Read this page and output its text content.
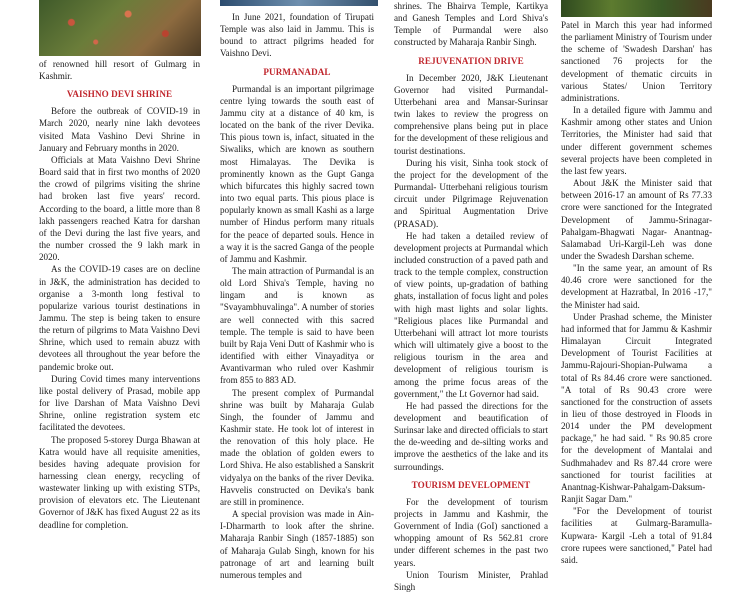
of renowned hill resort of Gulmarg in Kashmir.

VAISHNO DEVI SHRINE

Before the outbreak of COVID-19 in March 2020, nearly nine lakh devotees visited Mata Vashino Devi Shrine in January and February months in 2020.

Officials at Mata Vaishno Devi Shrine Board said that in first two months of 2020 the crowd of pilgrims visiting the shrine had broken last five years' record. According to the board, a little more than 8 lakh passengers reached Katra for darshan of the Devi during the last five years, and the number crossed the 9 lakh mark in 2020.

As the COVID-19 cases are on decline in J&K, the administration has decided to organise a 3-month long festival to popularize various tourist destinations in Jammu. The step is being taken to ensure the return of pilgrims to Mata Vaishno Devi Shrine, which used to remain abuzz with devotees all throughout the year before the pandemic broke out.

During Covid times many interventions like postal delivery of Prasad, mobile app for live Darshan of Mata Vaishno Devi Shrine, online registration system etc facilitated the devotees.

The proposed 5-storey Durga Bhawan at Katra would have all requisite amenities, besides having adequate provision for harnessing clean energy, recycling of wastewater linking up with existing STPs, provision of elevators etc. The Lieutenant Governor of J&K has fixed August 22 as its deadline for completion.

In June 2021, foundation of Tirupati Temple was also laid in Jammu. This is bound to attract pilgrims headed for Vaishno Devi.

PURMANADAL

Purmandal is an important pilgrimage centre lying towards the south east of Jammu city at a distance of 40 km, is located on the bank of the river Devika. This pious town is, infact, situated in the Siwaliks, which are known as southern most Himalayas. The Devika is prominently known as the Gupt Ganga which bifurcates this highly sacred town into two equal parts. This pious place is popularly known as small Kashi as a large number of Hindus perform many rituals for the peace of departed souls. Hence in a way it is the sacred Ganga of the people of Jammu and Kashmir.

The main attraction of Purmandal is an old Lord Shiva's Temple, having no lingam and is known as "Svayambhuvalinga". A number of stories are well connected with this sacred temple. The temple is said to have been built by Raja Veni Dutt of Kashmir who is identified with either Vinayaditya or Avantivarman who ruled over Kashmir from 855 to 883 AD.

The present complex of Purmandal shrine was built by Maharaja Gulab Singh, the founder of Jammu and Kashmir state. He took lot of interest in the renovation of this holy place. He made the oblation of golden ewers to Lord Shiva. He also established a Sanskrit vidyalya on the banks of the river Devika. Havvelis constructed on Devika's bank are still in prominence.

A special provision was made in Ain-I-Dharmarth to look after the shrine. Maharaja Ranbir Singh (1857-1885) son of Maharaja Gulab Singh, known for his patronage of art and learning built numerous temples and

shrines. The Bhairva Temple, Kartikya and Ganesh Temples and Lord Shiva's Temple of Purmandal were also constructed by Maharaja Ranbir Singh.

REJUVENATION DRIVE

In December 2020, J&K Lieutenant Governor had visited Purmandal-Utterbehani area and Mansar-Surinsar twin lakes to review the progress on comprehensive plans being put in place for the development of these religious and tourist destinations.

During his visit, Sinha took stock of the project for the development of the Purmandal- Utterbehani religious tourism circuit under Pilgrimage Rejuvenation and Spiritual Augmentation Drive (PRASAD).

He had taken a detailed review of development projects at Purmandal which included construction of a paved path and track to the temple complex, construction of view points, up-gradation of bathing ghats, installation of focus light and poles with high mast lights and solar lights. "Religious places like Purmandal and Utterbehani will attract lot more tourists which will ultimately give a boost to the religious tourism in the area and development of religious tourism is among the prime focus areas of the government," the Lt Governor had said.

He had passed the directions for the development and beautification of Surinsar lake and directed officials to start the de-weeding and de-silting works and improve the aesthetics of the lake and its surroundings.

TOURISM DEVELOPMENT

For the development of tourism projects in Jammu and Kashmir, the Government of India (GoI) sanctioned a whopping amount of Rs 562.81 crore under different schemes in the past two years.

Union Tourism Minister, Prahlad Singh

Patel in March this year had informed the parliament Ministry of Tourism under the scheme of 'Swadesh Darshan' has sanctioned 76 projects for the development of thematic circuits in various States/ Union Territory administrations.

In a detailed figure with Jammu and Kashmir among other states and Union Territories, the Minister had said that under different government schemes several projects have been completed in the last few years.

About J&K the Minister said that between 2016-17 an amount of Rs 77.33 crore were sanctioned for the Integrated Development of Jammu-Srinagar-Pahalgam-Bhagwati Nagar- Anantnag-Salamabad Uri-Kargil-Leh was done under the Swadesh Darshan scheme.

"In the same year, an amount of Rs 40.46 crore were sanctioned for the development at Hazratbal, In 2016 -17," the Minister had said.

Under Prashad scheme, the Minister had informed that for Jammu & Kashmir Himalayan Circuit Integrated Development of Tourist Facilities at Jammu-Rajouri-Shopian-Pulwama a total of Rs 84.46 crore were sanctioned. "A total of Rs 90.43 crore were sanctioned for the construction of assets in lieu of those destroyed in Floods in 2014 under the PM development package," he had said. " Rs 90.85 crore for the development of Mantalai and Sudhmahadev and Rs 87.44 crore were sanctioned for tourist facilities at Anantnag-Kishwar-Pahalgam-Daksum-Ranjit Sagar Dam."

"For the Development of tourist facilities at Gulmarg-Baramulla- Kupwara- Kargil -Leh a total of 91.84 crore rupees were sanctioned," Patel had said.
